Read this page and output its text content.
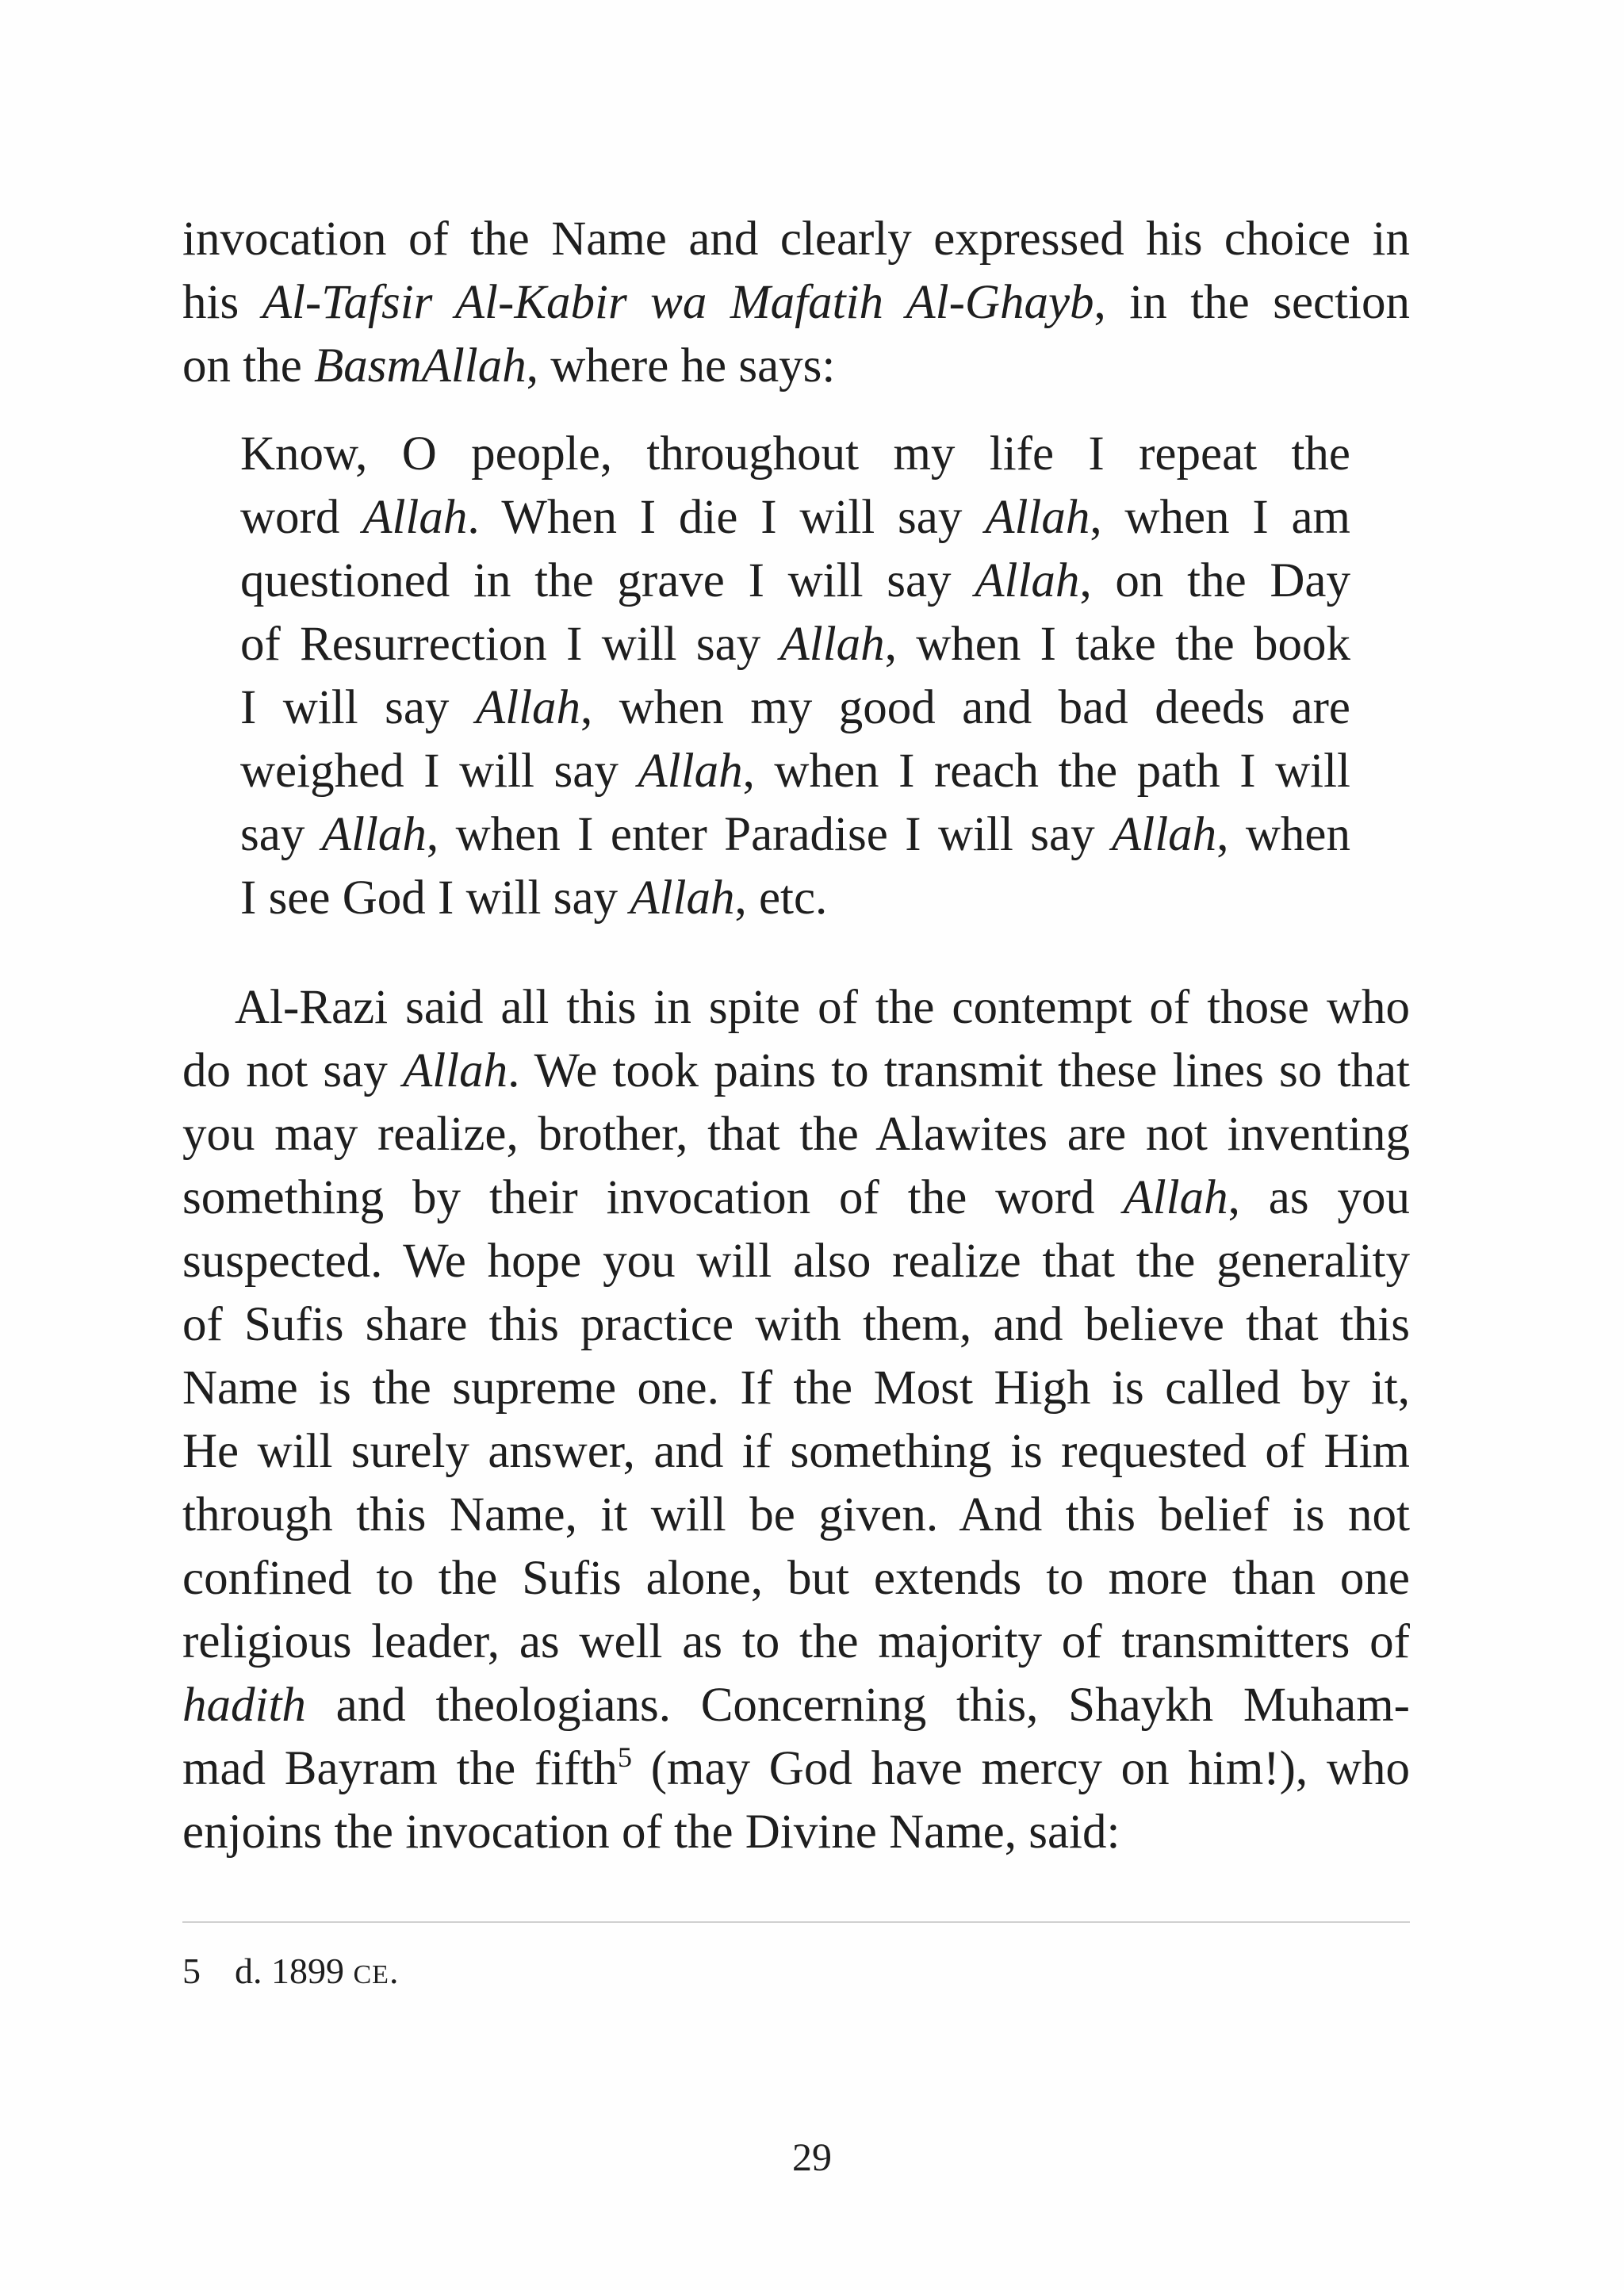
invocation of the Name and clearly expressed his choice in
his Al-Tafsir Al-Kabir wa Mafatih Al-Ghayb, in the section
on the BasmAllah, where he says:

Know, O people, throughout my life I repeat the
word Allah. When I die I will say Allah, when I am
questioned in the grave I will say Allah, on the Day
of Resurrection I will say Allah, when I take the book
I will say Allah, when my good and bad deeds are
weighed I will say Allah, when I reach the path I will
say Allah, when I enter Paradise I will say Allah, when
I see God I will say Allah, etc.

Al-Razi said all this in spite of the contempt of those who
do not say Allah. We took pains to transmit these lines so that
you may realize, brother, that the Alawites are not inventing
something by their invocation of the word Allah, as you
suspected. We hope you will also realize that the generality
of Sufis share this practice with them, and believe that this
Name is the supreme one. If the Most High is called by it,
He will surely answer, and if something is requested of Him
through this Name, it will be given. And this belief is not
confined to the Sufis alone, but extends to more than one
religious leader, as well as to the majority of transmitters of
hadith and theologians. Concerning this, Shaykh Muham-
mad Bayram the fifth$^5$ (may God have mercy on him!), who
enjoins the invocation of the Divine Name, said:

5 d. 1899 CE.
29
